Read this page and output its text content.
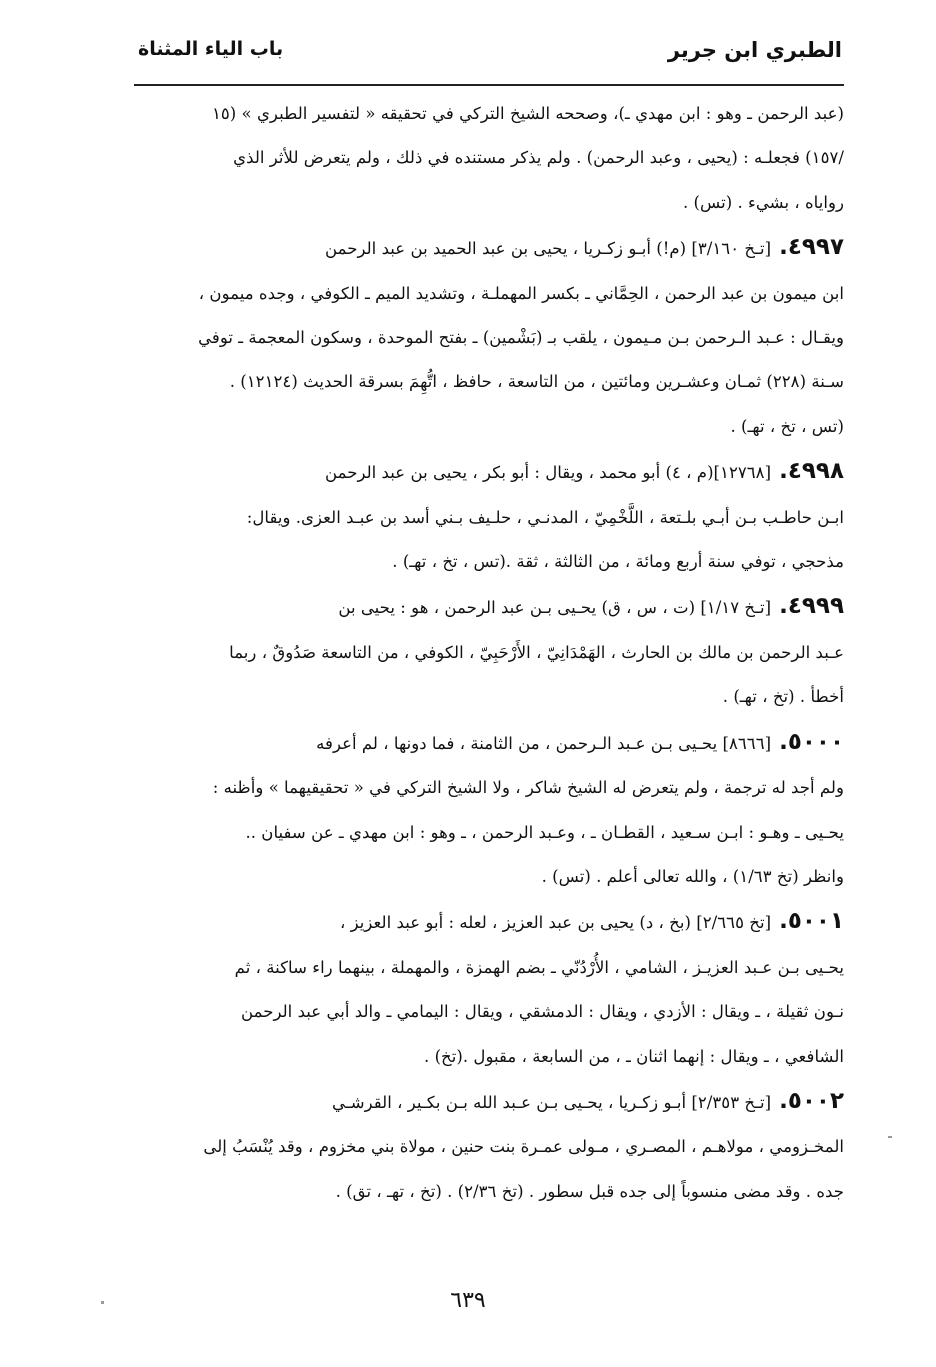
الطبري ابن جرير
باب الياء المثناة
(عبد الرحمن ـ وهو : ابن مهدي ـ)، وصححه الشيخ التركي في تحقيقه « لتفسير الطبري » (١٥
/١٥٧) فجعلـه : (يحيى ، وعبد الرحمن) . ولم يذكر مستنده في ذلك ، ولم يتعرض للأثر الذي
رواياه ، بشيء . (تس) .
٤٩٩٧.[تـخ ٣/١٦٠] (م!) أبـو زكـريا ، يحيى بن عبد الحميد بن عبد الرحمن
ابن ميمون بن عبد الرحمن ، الحِمَّاني ـ بكسر المهملـة ، وتشديد الميم ـ الكوفي ، وجده ميمون ،
ويقـال : عـبد الـرحمن بـن مـيمون ، يلقب بـ (بَشْمين) ـ بفتح الموحدة ، وسكون المعجمة ـ توفي
سـنة (٢٢٨) ثمـان وعشـرين ومائتين ، من التاسعة ، حافظ ، اتُّهِمَ بسرقة الحديث (١٢١٢٤) .
(تس ، تخ ، تهـ) .
٤٩٩٨.[١٢٧٦٨](م ، ٤) أبو محمد ، ويقال : أبو بكر ، يحيى بن عبد الرحمن
ابـن حاطـب بـن أبـي بلـتعة ، اللَّخْمِيّ ، المدنـي ، حلـيف بـني أسد بن عبـد العزى. ويقال:
مذحجي ، توفي سنة أربع ومائة ، من الثالثة ، ثقة .(تس ، تخ ، تهـ) .
٤٩٩٩.[تـخ ١/١٧] (ت ، س ، ق) يحـيى بـن عبد الرحمن ، هو : يحيى بن
عـبد الرحمن بن مالك بن الحارث ، الهَمْدَانِيّ ، الأَرْحَبِيّ ، الكوفي ، من التاسعة صَدُوقٌ ، ربما
أخطأ . (تخ ، تهـ) .
٥٠٠٠.[٨٦٦٦] يحـيى بـن عـبد الـرحمن ، من الثامنة ، فما دونها ، لم أعرفه
ولم أجد له ترجمة ، ولم يتعرض له الشيخ شاكر ، ولا الشيخ التركي في « تحقيقيهما » وأظنه :
يحـيى ـ وهـو : ابـن سـعيد ، القطـان ـ ، وعـبد الرحمن ، ـ وهو : ابن مهدي ـ عن سفيان ..
وانظر (تخ ١/٦٣) ، والله تعالى أعلم . (تس) .
٥٠٠١.[تخ ٢/٦٦٥] (بخ ، د) يحيى بن عبد العزيز ، لعله : أبو عبد العزيز ،
يحـيى بـن عـبد العزيـز ، الشامي ، الأُرْدُنّي ـ بضم الهمزة ، والمهملة ، بينهما راء ساكنة ، ثم
نـون ثقيلة ، ـ ويقال : الأزدي ، ويقال : الدمشقي ، ويقال : اليمامي ـ والد أبي عبد الرحمن
الشافعي ، ـ ويقال : إنهما اثنان ـ ، من السابعة ، مقبول .(تخ) .
٥٠٠٢.[تـخ ٢/٣٥٣] أبـو زكـريا ، يحـيى بـن عـبد الله بـن بكـير ، القرشـي
المخـزومي ، مولاهـم ، المصـري ، مـولى عمـرة بنت حنين ، مولاة بني مخزوم ، وقد يُنْسَبُ إلى
جده . وقد مضى منسوباً إلى جده قبل سطور . (تخ ٢/٣٦) . (تخ ، تهـ ، تق) .
٦٣٩
